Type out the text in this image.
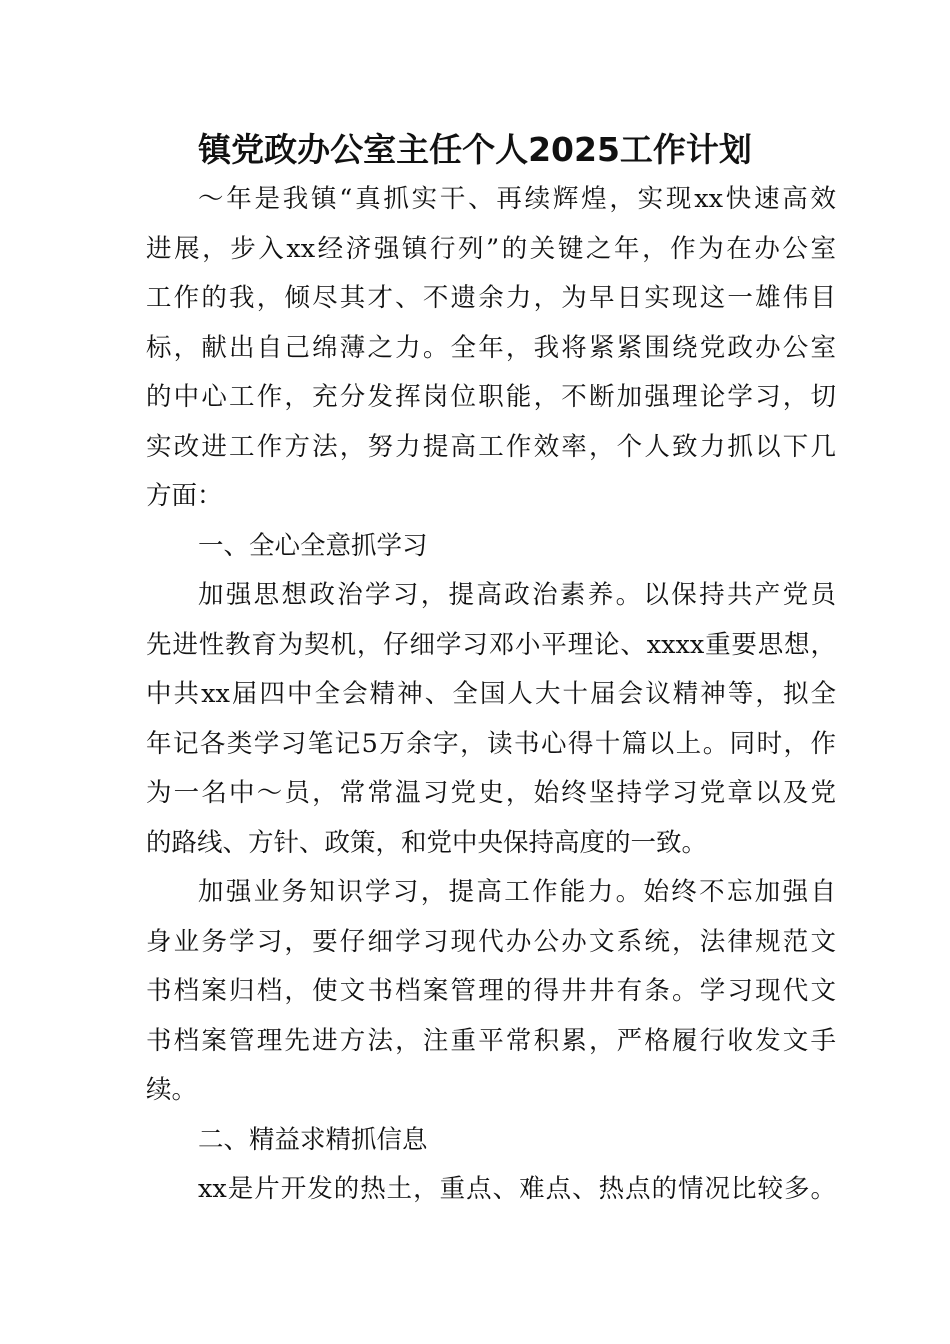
镇党政办公室主任个人2025工作计划
～年是我镇“真抓实干、再续辉煌，实现xx快速高效
进展，步入xx经济强镇行列”的关键之年，作为在办公室
工作的我，倾尽其才、不遗余力，为早日实现这一雄伟目
标，献出自己绵薄之力。全年，我将紧紧围绕党政办公室
的中心工作，充分发挥岗位职能，不断加强理论学习，切
实改进工作方法，努力提高工作效率，个人致力抓以下几
方面：
一、全心全意抓学习
加强思想政治学习，提高政治素养。以保持共产党员
先进性教育为契机，仔细学习邓小平理论、xxxx重要思想，
中共xx届四中全会精神、全国人大十届会议精神等，拟全
年记各类学习笔记5万余字，读书心得十篇以上。同时，作
为一名中～员，常常温习党史，始终坚持学习党章以及党
的路线、方针、政策，和党中央保持高度的一致。
加强业务知识学习，提高工作能力。始终不忘加强自
身业务学习，要仔细学习现代办公办文系统，法律规范文
书档案归档，使文书档案管理的得井井有条。学习现代文
书档案管理先进方法，注重平常积累，严格履行收发文手
续。
二、精益求精抓信息
xx是片开发的热土，重点、难点、热点的情况比较多。
